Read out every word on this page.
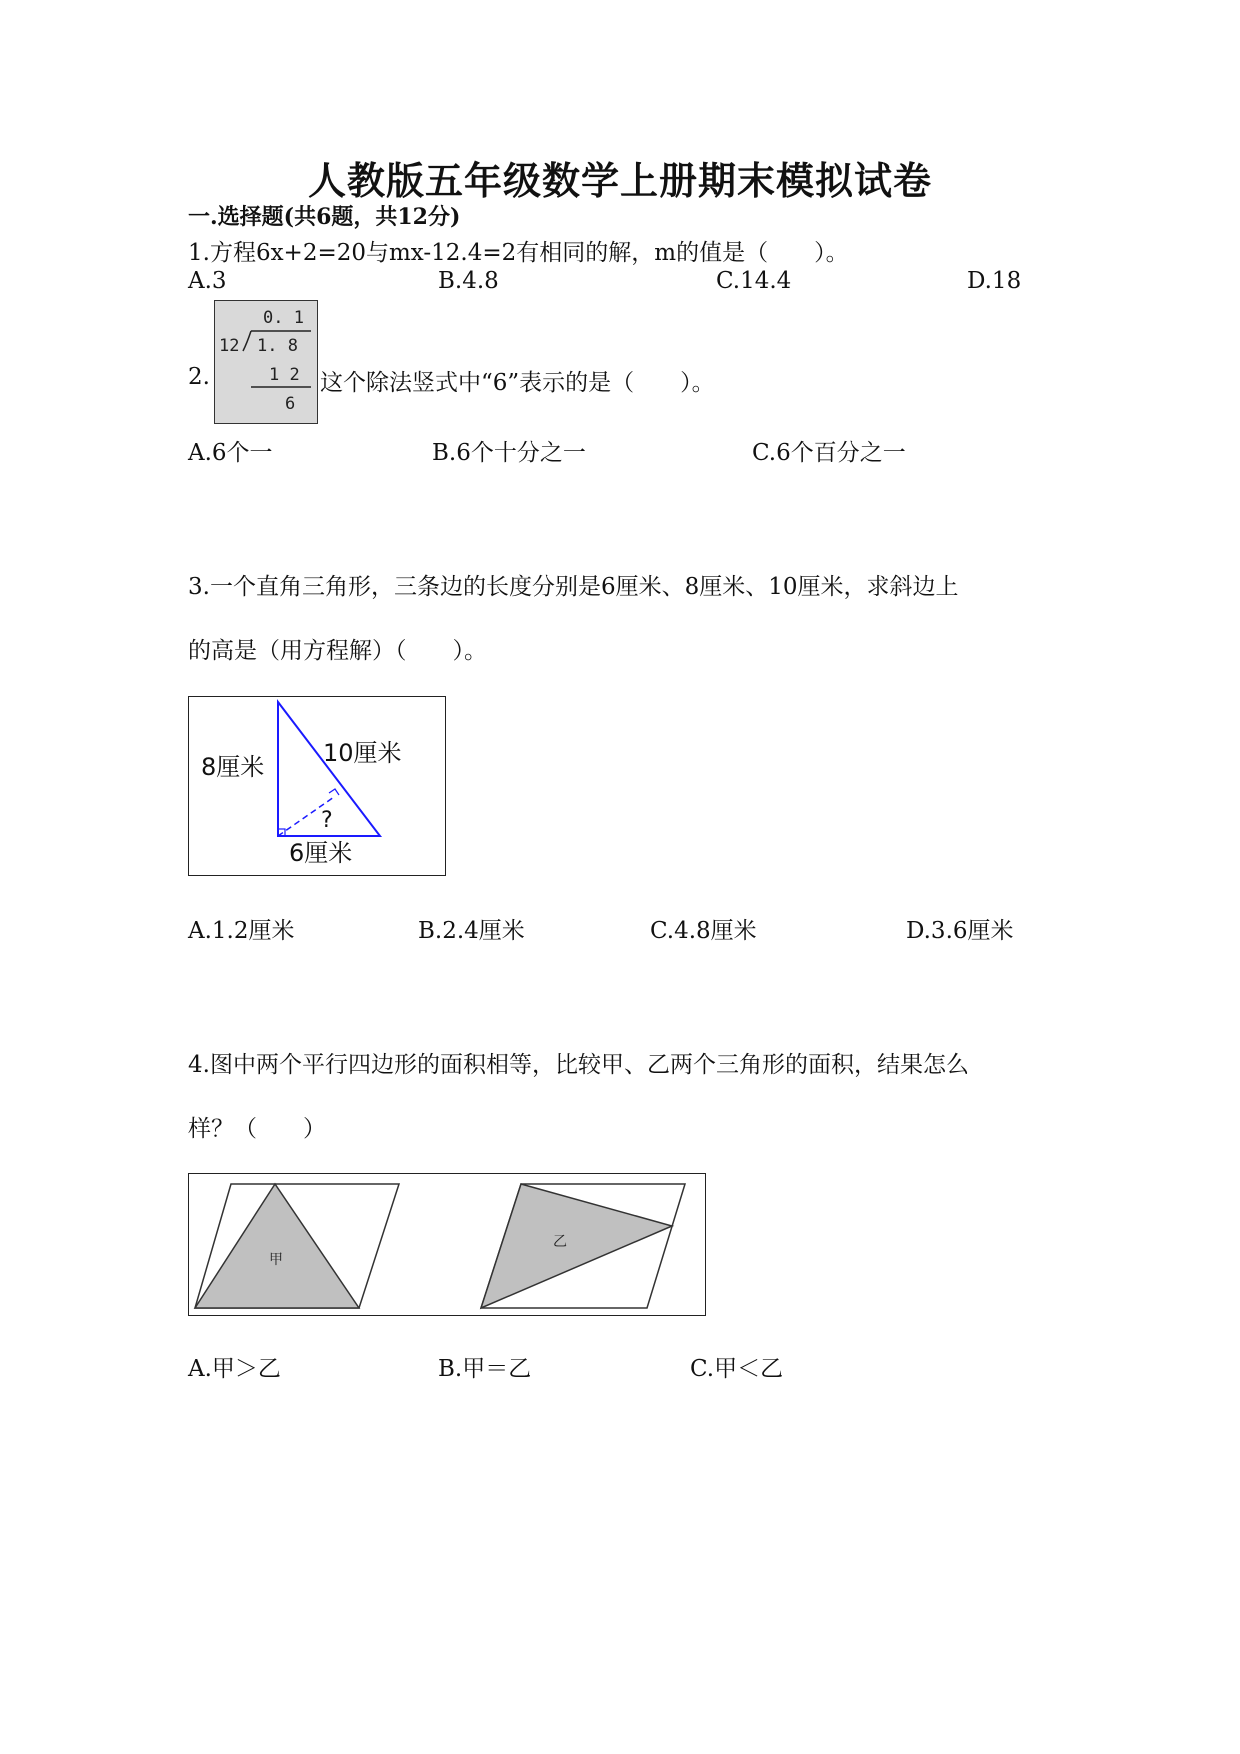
人教版五年级数学上册期末模拟试卷
一.选择题(共6题，共12分)
1.方程6x+2=20与mx-12.4=2有相同的解，m的值是（　　）。
A.3	B.4.8	C.14.4	D.18
2.
0. 1
12 1. 8
1 2
6
这个除法竖式中“6”表示的是（　　）。
A.6个一	B.6个十分之一	C.6个百分之一
3.一个直角三角形，三条边的长度分别是6厘米、8厘米、10厘米，求斜边上
的高是（用方程解）（　　）。
8厘米 10厘米
?
6厘米
A.1.2厘米	B.2.4厘米	C.4.8厘米	D.3.6厘米
4.图中两个平行四边形的面积相等，比较甲、乙两个三角形的面积，结果怎么
样？（　　）
甲
乙
A.甲＞乙	B.甲＝乙	C.甲＜乙
